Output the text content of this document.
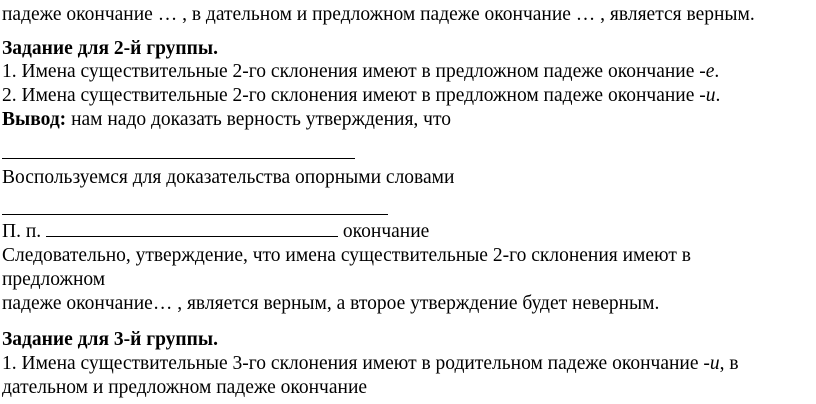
падеже окончание … , в дательном и предложном падеже окончание … , является верным.
Задание для 2-й группы.
1. Имена существительные 2-го склонения имеют в предложном падеже окончание -е.
2. Имена существительные 2-го склонения имеют в предложном падеже окончание -и.
Вывод: нам надо доказать верность утверждения, что
Воспользуемся для доказательства опорными словами
П. п.	окончание
Следовательно, утверждение, что имена существительные 2-го склонения имеют в
предложном
падеже окончание… , является верным, а второе утверждение будет неверным.
Задание для 3-й группы.
1. Имена существительные 3-го склонения имеют в родительном падеже окончание -и, в
дательном и предложном падеже окончание
